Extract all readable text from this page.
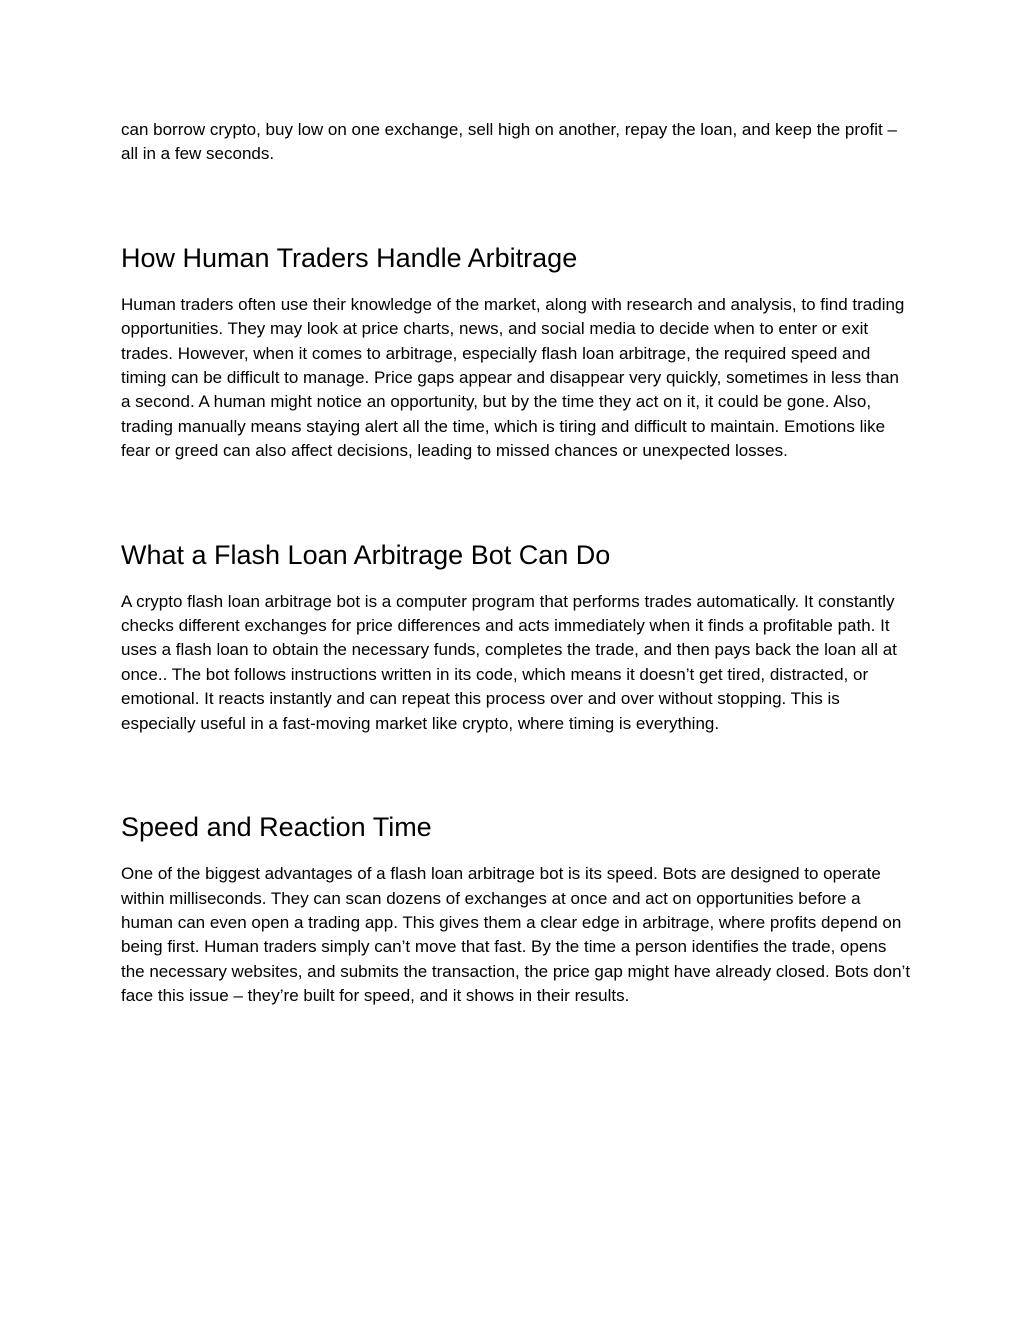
can borrow crypto, buy low on one exchange, sell high on another, repay the loan, and keep the profit – all in a few seconds.

How Human Traders Handle Arbitrage

Human traders often use their knowledge of the market, along with research and analysis, to find trading opportunities. They may look at price charts, news, and social media to decide when to enter or exit trades. However, when it comes to arbitrage, especially flash loan arbitrage, the required speed and timing can be difficult to manage. Price gaps appear and disappear very quickly, sometimes in less than a second. A human might notice an opportunity, but by the time they act on it, it could be gone. Also, trading manually means staying alert all the time, which is tiring and difficult to maintain. Emotions like fear or greed can also affect decisions, leading to missed chances or unexpected losses.

What a Flash Loan Arbitrage Bot Can Do

A crypto flash loan arbitrage bot is a computer program that performs trades automatically. It constantly checks different exchanges for price differences and acts immediately when it finds a profitable path. It uses a flash loan to obtain the necessary funds, completes the trade, and then pays back the loan all at once.. The bot follows instructions written in its code, which means it doesn’t get tired, distracted, or emotional. It reacts instantly and can repeat this process over and over without stopping. This is especially useful in a fast-moving market like crypto, where timing is everything.

Speed and Reaction Time

One of the biggest advantages of a flash loan arbitrage bot is its speed. Bots are designed to operate within milliseconds. They can scan dozens of exchanges at once and act on opportunities before a human can even open a trading app. This gives them a clear edge in arbitrage, where profits depend on being first. Human traders simply can’t move that fast. By the time a person identifies the trade, opens the necessary websites, and submits the transaction, the price gap might have already closed. Bots don’t face this issue – they’re built for speed, and it shows in their results.
